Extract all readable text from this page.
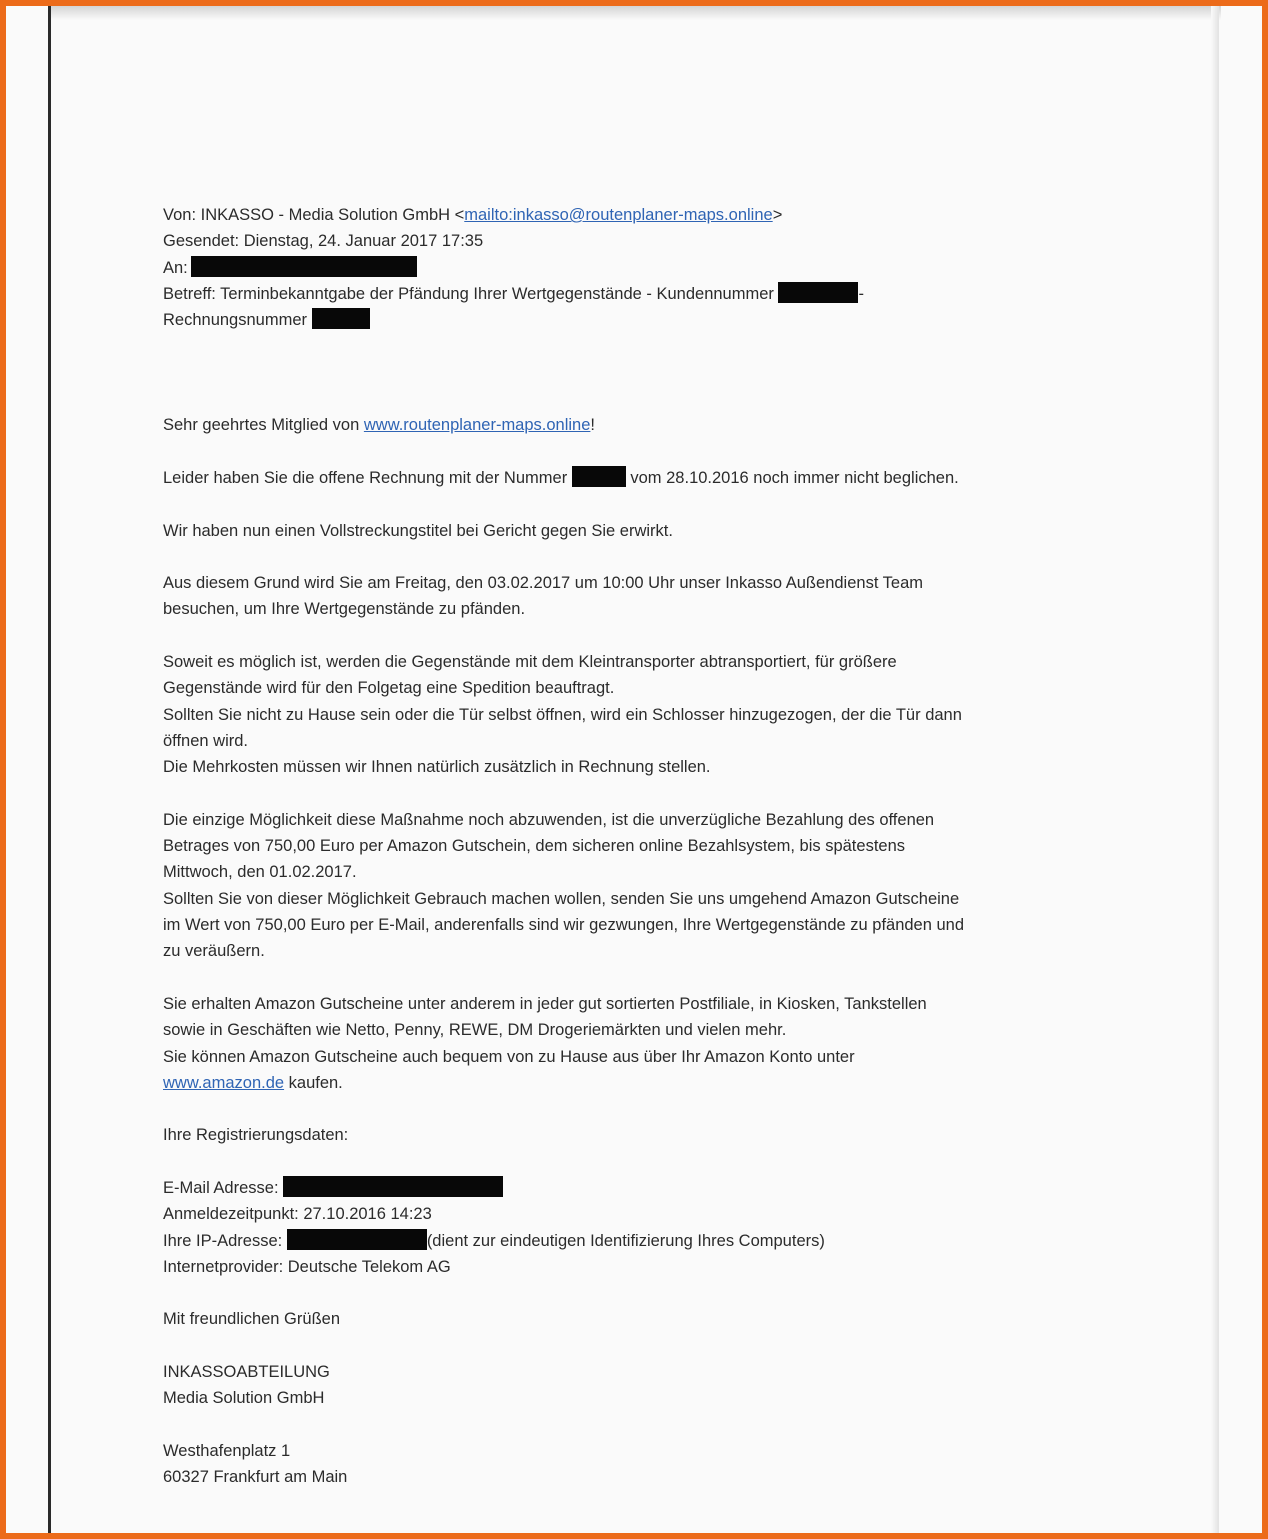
Von: INKASSO - Media Solution GmbH <mailto:inkasso@routenplaner-maps.online>
Gesendet: Dienstag, 24. Januar 2017 17:35
An:
Betreff: Terminbekanntgabe der Pfändung Ihrer Wertgegenstände - Kundennummer	-
Rechnungsnummer
Sehr geehrtes Mitglied von www.routenplaner-maps.online!
Leider haben Sie die offene Rechnung mit der Nummer	vom 28.10.2016 noch immer nicht beglichen.
Wir haben nun einen Vollstreckungstitel bei Gericht gegen Sie erwirkt.
Aus diesem Grund wird Sie am Freitag, den 03.02.2017 um 10:00 Uhr unser Inkasso Außendienst Team
besuchen, um Ihre Wertgegenstände zu pfänden.
Soweit es möglich ist, werden die Gegenstände mit dem Kleintransporter abtransportiert, für größere
Gegenstände wird für den Folgetag eine Spedition beauftragt.
Sollten Sie nicht zu Hause sein oder die Tür selbst öffnen, wird ein Schlosser hinzugezogen, der die Tür dann
öffnen wird.
Die Mehrkosten müssen wir Ihnen natürlich zusätzlich in Rechnung stellen.
Die einzige Möglichkeit diese Maßnahme noch abzuwenden, ist die unverzügliche Bezahlung des offenen
Betrages von 750,00 Euro per Amazon Gutschein, dem sicheren online Bezahlsystem, bis spätestens
Mittwoch, den 01.02.2017.
Sollten Sie von dieser Möglichkeit Gebrauch machen wollen, senden Sie uns umgehend Amazon Gutscheine
im Wert von 750,00 Euro per E-Mail, anderenfalls sind wir gezwungen, Ihre Wertgegenstände zu pfänden und
zu veräußern.
Sie erhalten Amazon Gutscheine unter anderem in jeder gut sortierten Postfiliale, in Kiosken, Tankstellen
sowie in Geschäften wie Netto, Penny, REWE, DM Drogeriemärkten und vielen mehr.
Sie können Amazon Gutscheine auch bequem von zu Hause aus über Ihr Amazon Konto unter
www.amazon.de kaufen.
Ihre Registrierungsdaten:
E-Mail Adresse:
Anmeldezeitpunkt: 27.10.2016 14:23
Ihre IP-Adresse:	(dient zur eindeutigen Identifizierung Ihres Computers)
Internetprovider: Deutsche Telekom AG
Mit freundlichen Grüßen
INKASSOABTEILUNG
Media Solution GmbH
Westhafenplatz 1
60327 Frankfurt am Main
